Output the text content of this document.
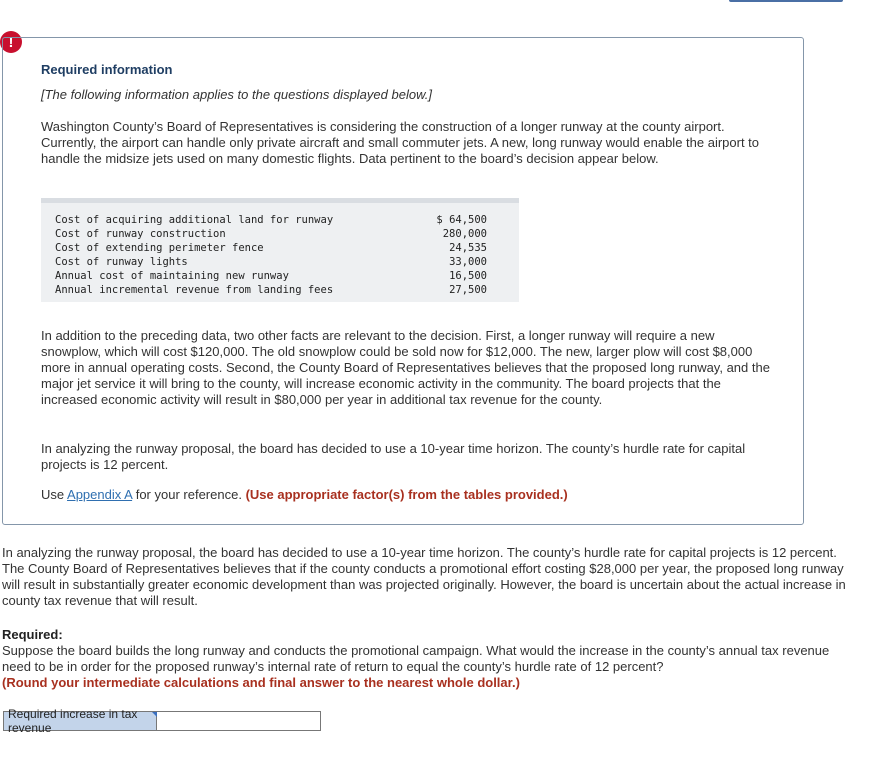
!
Required information
[The following information applies to the questions displayed below.]
Washington County’s Board of Representatives is considering the construction of a longer runway at the county airport. Currently, the airport can handle only private aircraft and small commuter jets. A new, long runway would enable the airport to handle the midsize jets used on many domestic flights. Data pertinent to the board’s decision appear below.
Cost of acquiring additional land for runway	$ 64,500
Cost of runway construction	280,000
Cost of extending perimeter fence	24,535
Cost of runway lights	33,000
Annual cost of maintaining new runway	16,500
Annual incremental revenue from landing fees	27,500
In addition to the preceding data, two other facts are relevant to the decision. First, a longer runway will require a new snowplow, which will cost $120,000. The old snowplow could be sold now for $12,000. The new, larger plow will cost $8,000 more in annual operating costs. Second, the County Board of Representatives believes that the proposed long runway, and the major jet service it will bring to the county, will increase economic activity in the community. The board projects that the increased economic activity will result in $80,000 per year in additional tax revenue for the county.
In analyzing the runway proposal, the board has decided to use a 10-year time horizon. The county’s hurdle rate for capital projects is 12 percent.
Use Appendix A for your reference. (Use appropriate factor(s) from the tables provided.)
In analyzing the runway proposal, the board has decided to use a 10-year time horizon. The county’s hurdle rate for capital projects is 12 percent. The County Board of Representatives believes that if the county conducts a promotional effort costing $28,000 per year, the proposed long runway will result in substantially greater economic development than was projected originally. However, the board is uncertain about the actual increase in county tax revenue that will result.
Required:
Suppose the board builds the long runway and conducts the promotional campaign. What would the increase in the county’s annual tax revenue need to be in order for the proposed runway’s internal rate of return to equal the county’s hurdle rate of 12 percent?
(Round your intermediate calculations and final answer to the nearest whole dollar.)
Required increase in tax revenue
